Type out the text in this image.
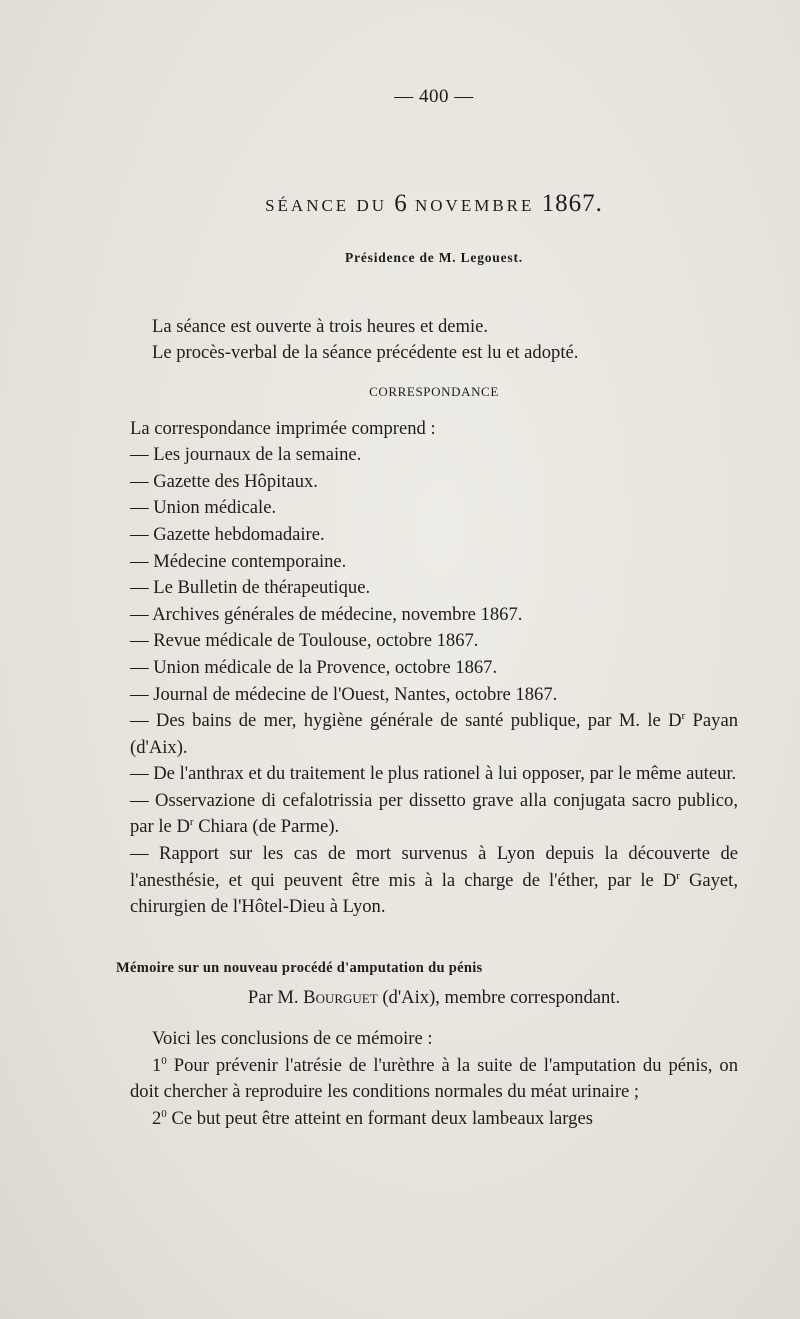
— 400 —

SÉANCE DU 6 NOVEMBRE 1867.

Présidence de M. Legouest.

La séance est ouverte à trois heures et demie.

Le procès-verbal de la séance précédente est lu et adopté.

CORRESPONDANCE

La correspondance imprimée comprend :

— Les journaux de la semaine.

— Gazette des Hôpitaux.

— Union médicale.

— Gazette hebdomadaire.

— Médecine contemporaine.

— Le Bulletin de thérapeutique.

— Archives générales de médecine, novembre 1867.

— Revue médicale de Toulouse, octobre 1867.

— Union médicale de la Provence, octobre 1867.

— Journal de médecine de l'Ouest, Nantes, octobre 1867.

— Des bains de mer, hygiène générale de santé publique, par M. le $D^r$ Payan (d'Aix).

— De l'anthrax et du traitement le plus rationel à lui opposer, par le même auteur.

— Osservazione di cefalotrissia per dissetto grave alla conjugata sacro publico, par le $D^r$ Chiara (de Parme).

— Rapport sur les cas de mort survenus à Lyon depuis la découverte de l'anesthésie, et qui peuvent être mis à la charge de l'éther, par le $D^r$ Gayet, chirurgien de l'Hôtel-Dieu à Lyon.

Mémoire sur un nouveau procédé d'amputation du pénis

Par M. Bourguet (d'Aix), membre correspondant.

Voici les conclusions de ce mémoire :

$1^0$ Pour prévenir l'atrésie de l'urèthre à la suite de l'amputation du pénis, on doit chercher à reproduire les conditions normales du méat urinaire ;

$2^0$ Ce but peut être atteint en formant deux lambeaux larges
